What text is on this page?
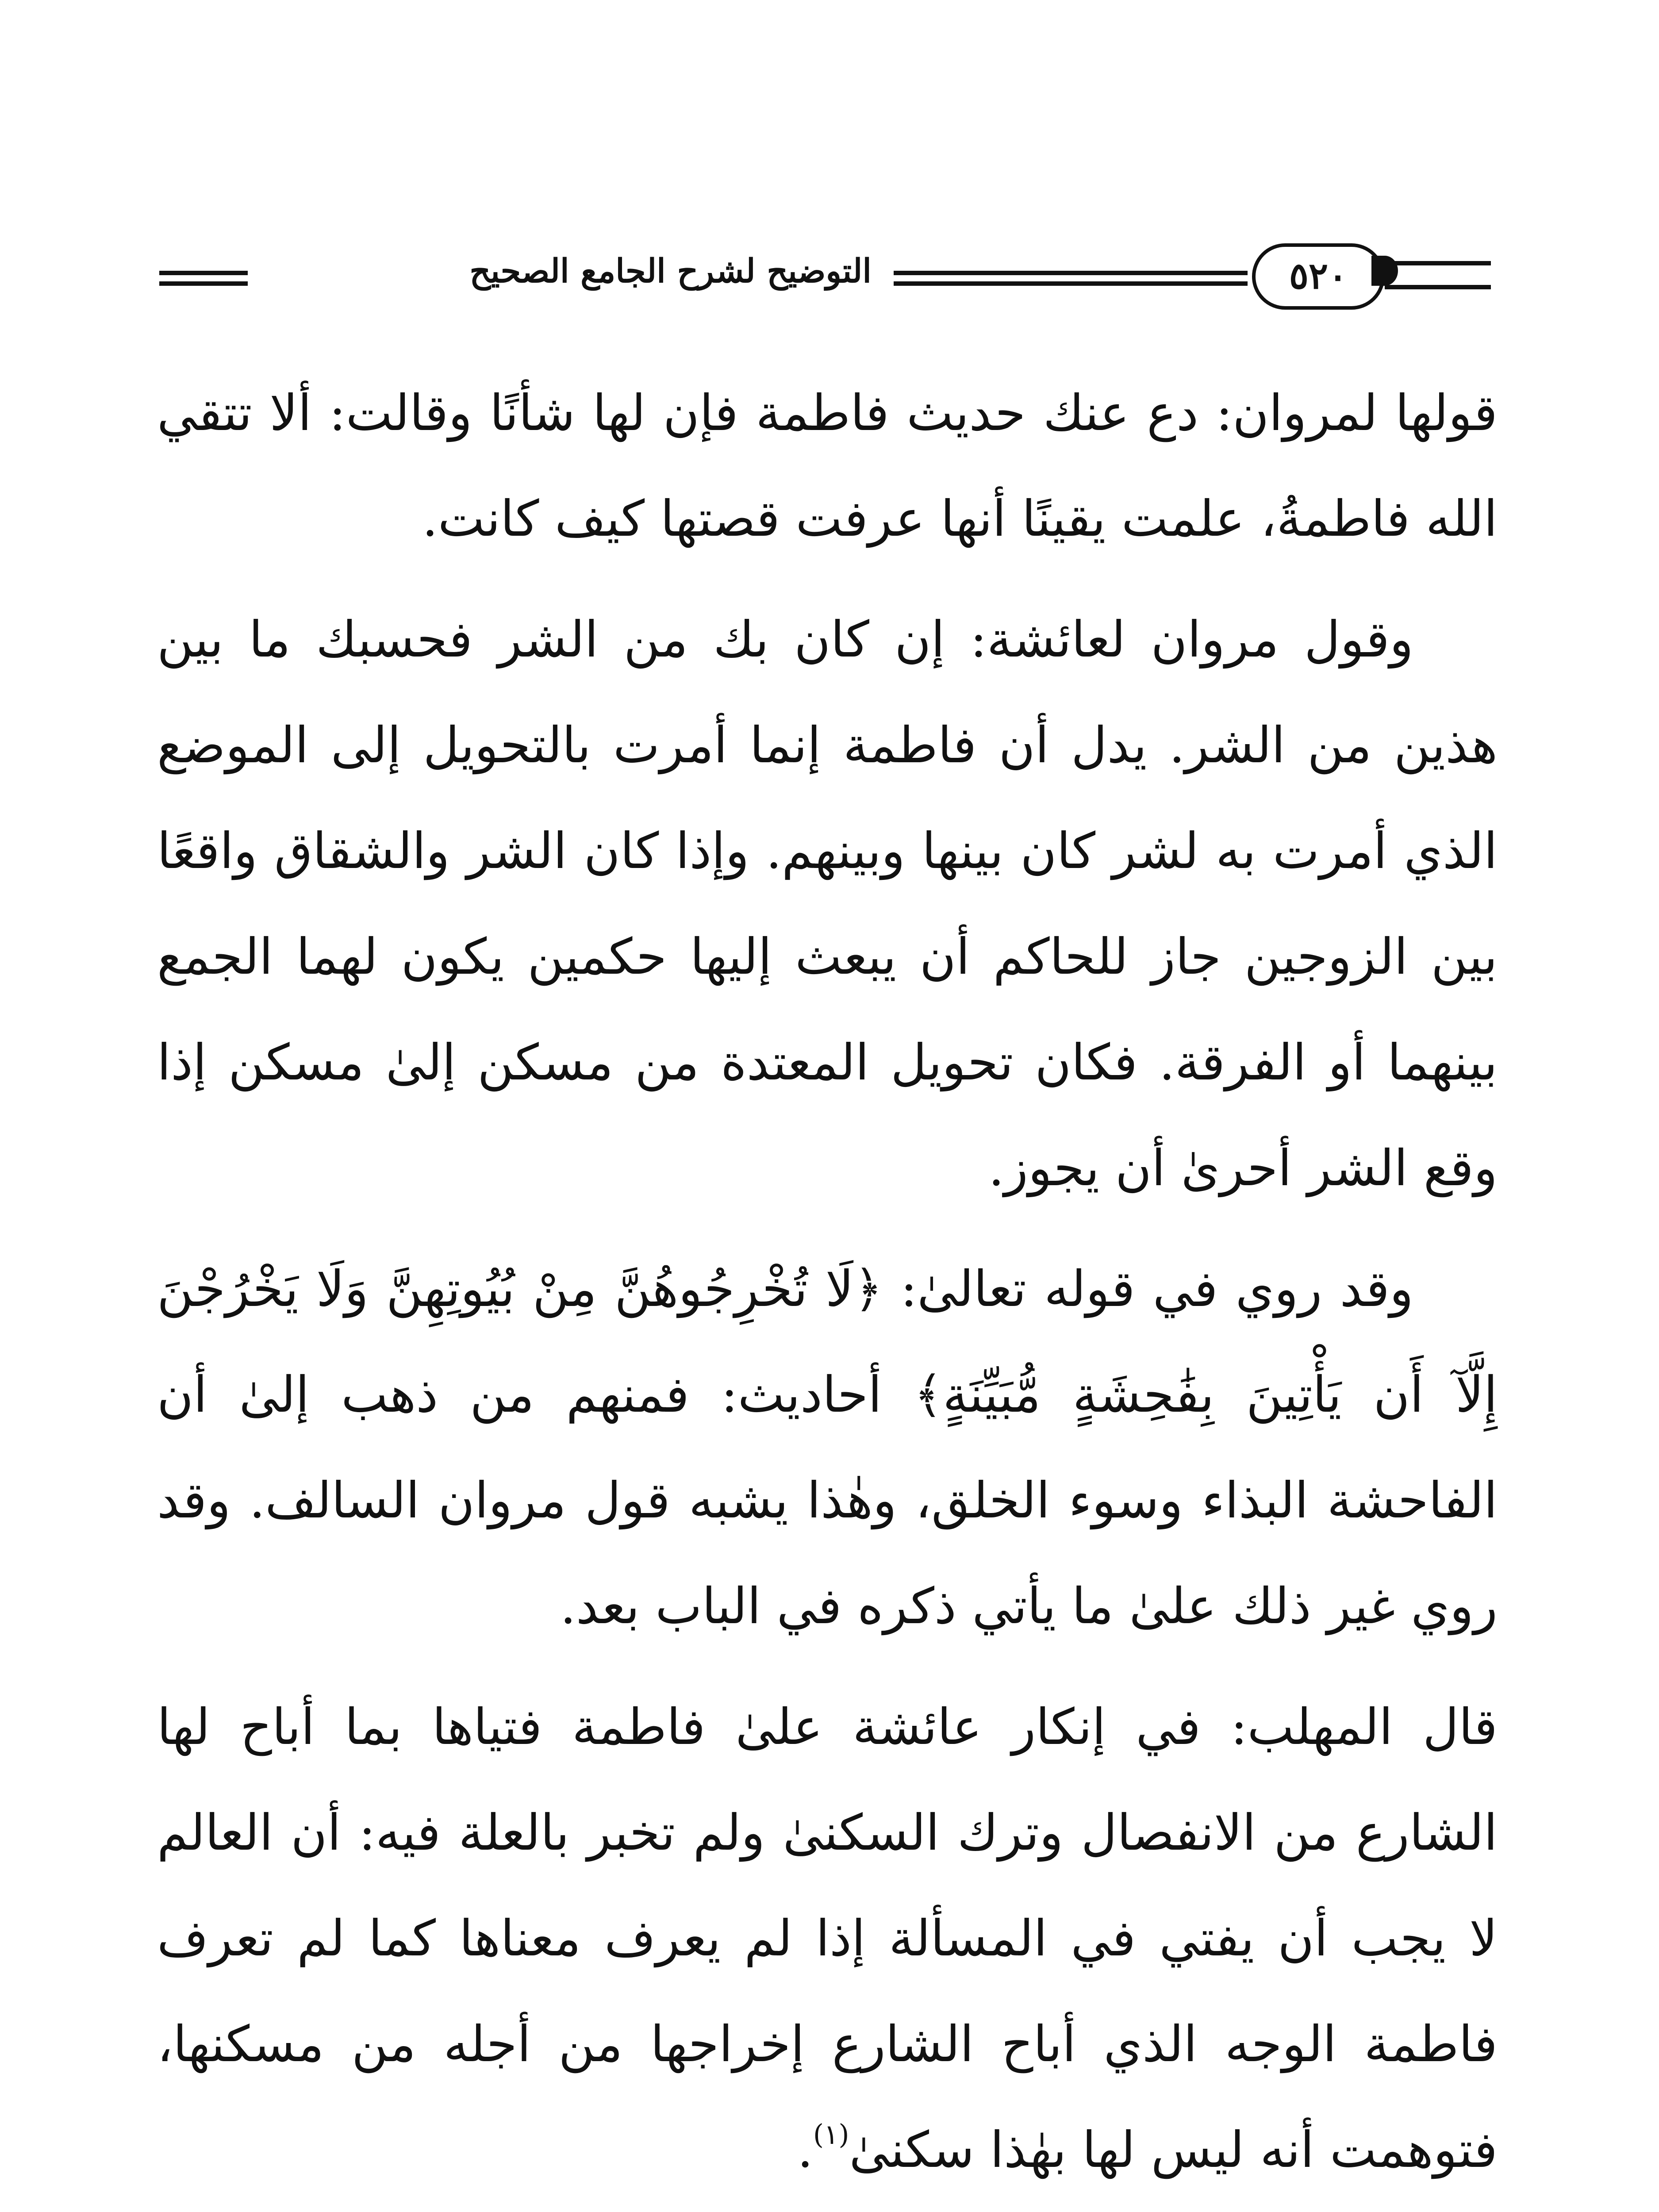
التوضيح لشرح الجامع الصحيح	٥٢٠

قولها لمروان: دع عنك حديث فاطمة فإن لها شأنًا وقالت: ألا تتقي الله فاطمةُ، علمت يقينًا أنها عرفت قصتها كيف كانت.

وقول مروان لعائشة: إن كان بك من الشر فحسبك ما بين هذين من الشر. يدل أن فاطمة إنما أمرت بالتحويل إلى الموضع الذي أمرت به لشر كان بينها وبينهم. وإذا كان الشر والشقاق واقعًا بين الزوجين جاز للحاكم أن يبعث إليها حكمين يكون لهما الجمع بينهما أو الفرقة. فكان تحويل المعتدة من مسكن إلىٰ مسكن إذا وقع الشر أحرىٰ أن يجوز.

وقد روي في قوله تعالىٰ: ﴿لَا تُخْرِجُوهُنَّ مِنْ بُيُوتِهِنَّ وَلَا يَخْرُجْنَ إِلَّآ أَن يَأْتِينَ بِفَٰحِشَةٍ مُّبَيِّنَةٍ﴾ أحاديث: فمنهم من ذهب إلىٰ أن الفاحشة البذاء وسوء الخلق، وهٰذا يشبه قول مروان السالف. وقد روي غير ذلك علىٰ ما يأتي ذكره في الباب بعد.

قال المهلب: في إنكار عائشة علىٰ فاطمة فتياها بما أباح لها الشارع من الانفصال وترك السكنىٰ ولم تخبر بالعلة فيه: أن العالم لا يجب أن يفتي في المسألة إذا لم يعرف معناها كما لم تعرف فاطمة الوجه الذي أباح الشارع إخراجها من أجله من مسكنها، فتوهمت أنه ليس لها بهٰذا سكنىٰ$^{(١)}$.
